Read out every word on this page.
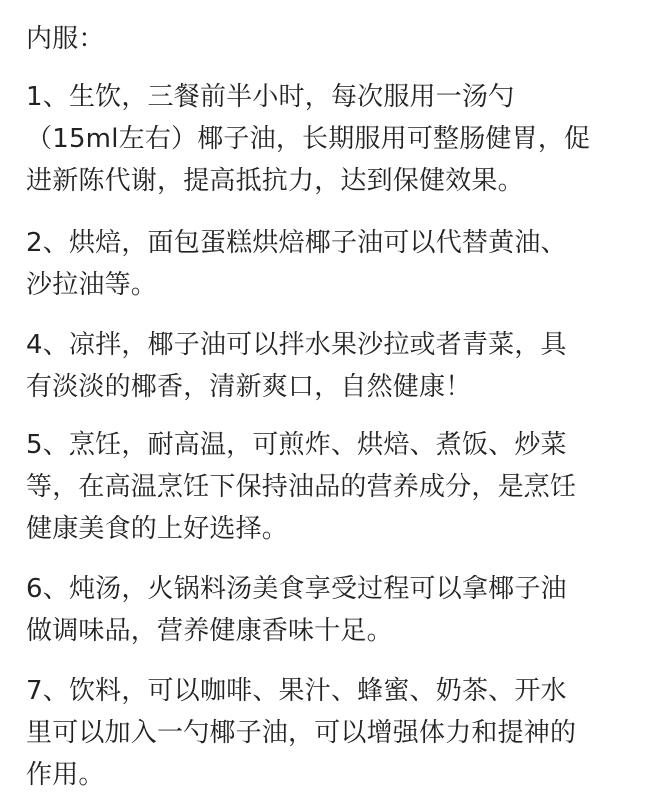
内服：

1、生饮，三餐前半小时，每次服用一汤勺
（15ml左右）椰子油，长期服用可整肠健胃，促
进新陈代谢，提高抵抗力，达到保健效果。

2、烘焙，面包蛋糕烘焙椰子油可以代替黄油、
沙拉油等。

4、凉拌，椰子油可以拌水果沙拉或者青菜，具
有淡淡的椰香，清新爽口，自然健康！

5、烹饪，耐高温，可煎炸、烘焙、煮饭、炒菜
等，在高温烹饪下保持油品的营养成分，是烹饪
健康美食的上好选择。

6、炖汤，火锅料汤美食享受过程可以拿椰子油
做调味品，营养健康香味十足。

7、饮料，可以咖啡、果汁、蜂蜜、奶茶、开水
里可以加入一勺椰子油，可以增强体力和提神的
作用。
